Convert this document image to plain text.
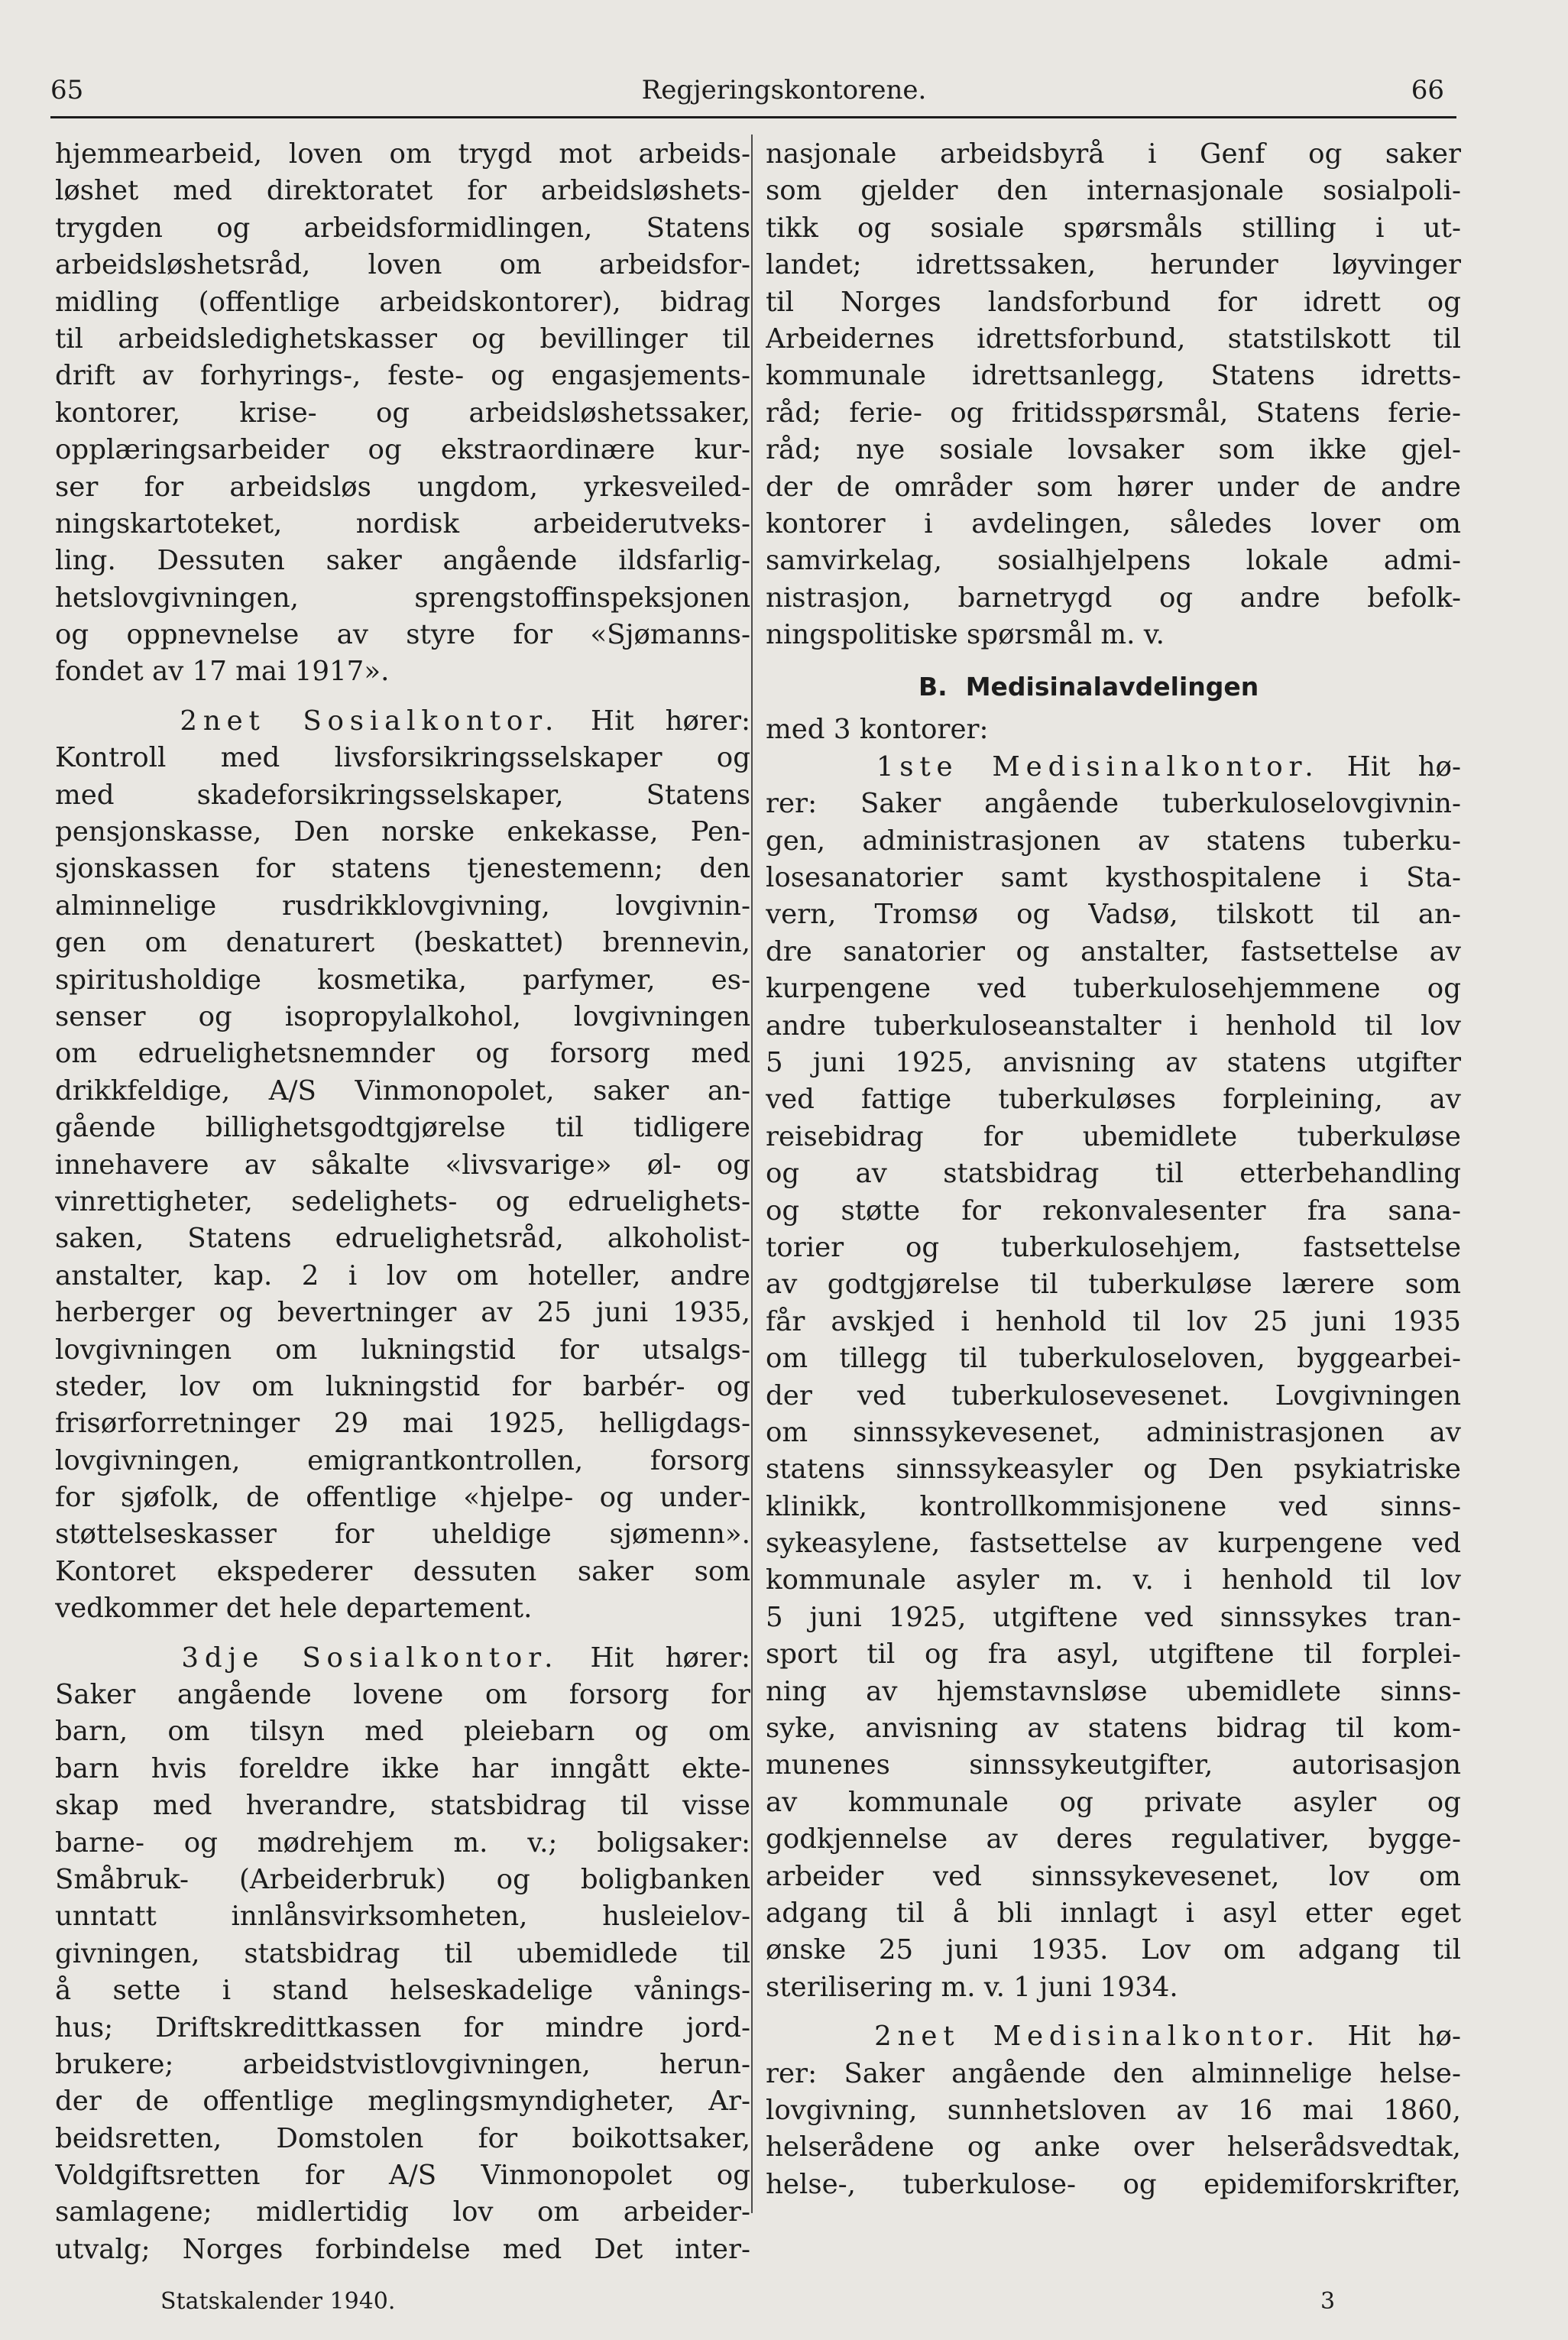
65	Regjeringskontorene.	66
hjemmearbeid, loven om trygd mot arbeids-
løshet med direktoratet for arbeidsløshets-
trygden og arbeidsformidlingen, Statens
arbeidsløshetsråd, loven om arbeidsfor-
midling (offentlige arbeidskontorer), bidrag
til arbeidsledighetskasser og bevillinger til
drift av forhyrings-, feste- og engasjements-
kontorer, krise- og arbeidsløshetssaker,
opplæringsarbeider og ekstraordinære kur-
ser for arbeidsløs ungdom, yrkesveiled-
ningskartoteket, nordisk arbeiderutveks-
ling. Dessuten saker angående ildsfarlig-
hetslovgivningen, sprengstoffinspeksjonen
og oppnevnelse av styre for «Sjømanns-
fondet av 17 mai 1917».
2net Sosialkontor. Hit hører:
Kontroll med livsforsikringsselskaper og
med skadeforsikringsselskaper, Statens
pensjonskasse, Den norske enkekasse, Pen-
sjonskassen for statens tjenestemenn; den
alminnelige rusdrikklovgivning, lovgivnin-
gen om denaturert (beskattet) brennevin,
spiritusholdige kosmetika, parfymer, es-
senser og isopropylalkohol, lovgivningen
om edruelighetsnemnder og forsorg med
drikkfeldige, A/S Vinmonopolet, saker an-
gående billighetsgodtgjørelse til tidligere
innehavere av såkalte «livsvarige» øl- og
vinrettigheter, sedelighets- og edruelighets-
saken, Statens edruelighetsråd, alkoholist-
anstalter, kap. 2 i lov om hoteller, andre
herberger og bevertninger av 25 juni 1935,
lovgivningen om lukningstid for utsalgs-
steder, lov om lukningstid for barbér- og
frisørforretninger 29 mai 1925, helligdags-
lovgivningen, emigrantkontrollen, forsorg
for sjøfolk, de offentlige «hjelpe- og under-
støttelseskasser for uheldige sjømenn».
Kontoret ekspederer dessuten saker som
vedkommer det hele departement.
3dje Sosialkontor. Hit hører:
Saker angående lovene om forsorg for
barn, om tilsyn med pleiebarn og om
barn hvis foreldre ikke har inngått ekte-
skap med hverandre, statsbidrag til visse
barne- og mødrehjem m. v.; boligsaker:
Småbruk- (Arbeiderbruk) og boligbanken
unntatt innlånsvirksomheten, husleielov-
givningen, statsbidrag til ubemidlede til
å sette i stand helseskadelige vånings-
hus; Driftskredittkassen for mindre jord-
brukere; arbeidstvistlovgivningen, herun-
der de offentlige meglingsmyndigheter, Ar-
beidsretten, Domstolen for boikottsaker,
Voldgiftsretten for A/S Vinmonopolet og
samlagene; midlertidig lov om arbeider-
utvalg; Norges forbindelse med Det inter-
nasjonale arbeidsbyrå i Genf og saker
som gjelder den internasjonale sosialpoli-
tikk og sosiale spørsmåls stilling i ut-
landet; idrettssaken, herunder løyvinger
til Norges landsforbund for idrett og
Arbeidernes idrettsforbund, statstilskott til
kommunale idrettsanlegg, Statens idretts-
råd; ferie- og fritidsspørsmål, Statens ferie-
råd; nye sosiale lovsaker som ikke gjel-
der de områder som hører under de andre
kontorer i avdelingen, således lover om
samvirkelag, sosialhjelpens lokale admi-
nistrasjon, barnetrygd og andre befolk-
ningspolitiske spørsmål m. v.
B. Medisinalavdelingen
med 3 kontorer:
1ste Medisinalkontor. Hit hø-
rer: Saker angående tuberkuloselovgivnin-
gen, administrasjonen av statens tuberku-
losesanatorier samt kysthospitalene i Sta-
vern, Tromsø og Vadsø, tilskott til an-
dre sanatorier og anstalter, fastsettelse av
kurpengene ved tuberkulosehjemmene og
andre tuberkuloseanstalter i henhold til lov
5 juni 1925, anvisning av statens utgifter
ved fattige tuberkuløses forpleining, av
reisebidrag for ubemidlete tuberkuløse
og av statsbidrag til etterbehandling
og støtte for rekonvalesenter fra sana-
torier og tuberkulosehjem, fastsettelse
av godtgjørelse til tuberkuløse lærere som
får avskjed i henhold til lov 25 juni 1935
om tillegg til tuberkuloseloven, byggearbei-
der ved tuberkulosevesenet. Lovgivningen
om sinnssykevesenet, administrasjonen av
statens sinnssykeasyler og Den psykiatriske
klinikk, kontrollkommisjonene ved sinns-
sykeasylene, fastsettelse av kurpengene ved
kommunale asyler m. v. i henhold til lov
5 juni 1925, utgiftene ved sinnssykes tran-
sport til og fra asyl, utgiftene til forplei-
ning av hjemstavnsløse ubemidlete sinns-
syke, anvisning av statens bidrag til kom-
munenes sinnssykeutgifter, autorisasjon
av kommunale og private asyler og
godkjennelse av deres regulativer, bygge-
arbeider ved sinnssykevesenet, lov om
adgang til å bli innlagt i asyl etter eget
ønske 25 juni 1935. Lov om adgang til
sterilisering m. v. 1 juni 1934.
2net Medisinalkontor. Hit hø-
rer: Saker angående den alminnelige helse-
lovgivning, sunnhetsloven av 16 mai 1860,
helserådene og anke over helserådsvedtak,
helse-, tuberkulose- og epidemiforskrifter,
Statskalender 1940.	3
